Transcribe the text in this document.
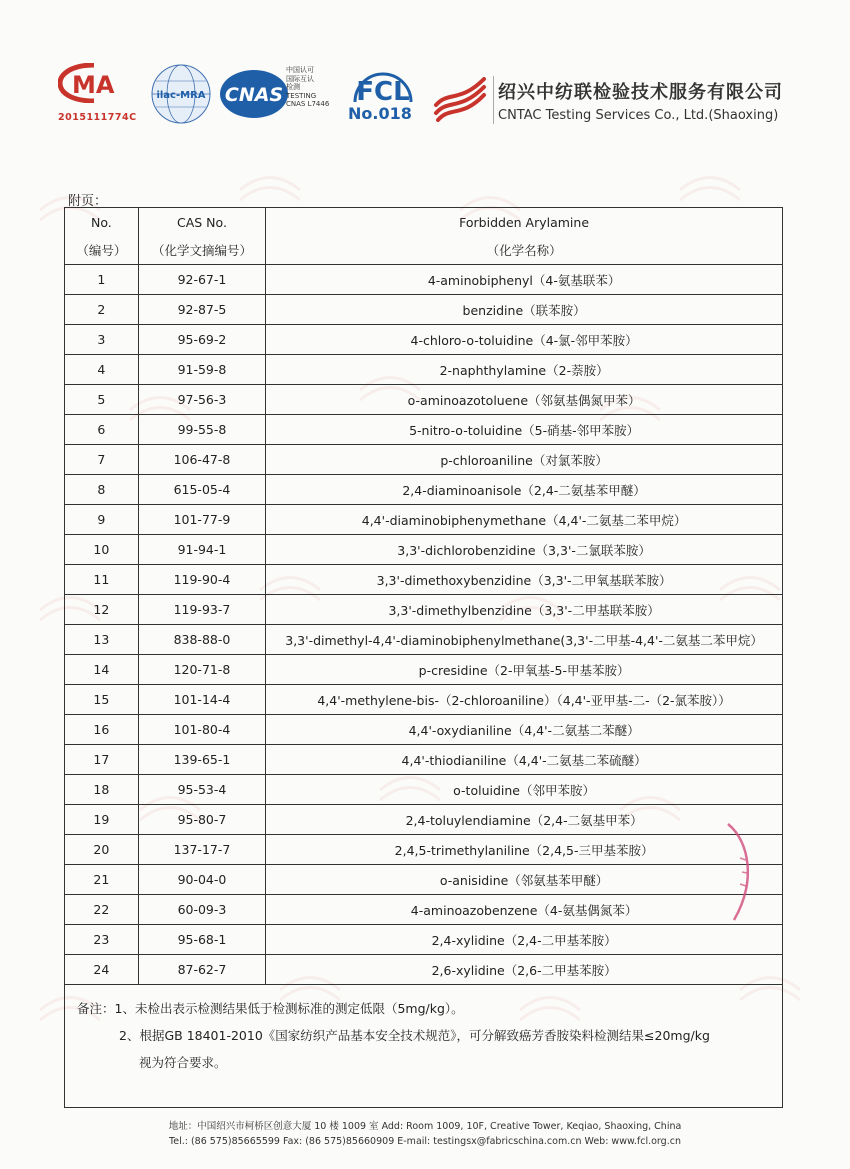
MA
2015111774C
ilac-MRA CNAS
中国认可
国际互认
检测
TESTING
CNAS L7446 FCL
No.018
绍兴中纺联检验技术服务有限公司
CNTAC Testing Services Co., Ltd.(Shaoxing)
附页：
No.	CAS No.	Forbidden Arylamine
（编号）	（化学文摘编号）	（化学名称）
1	92-67-1	4-aminobiphenyl（4-氨基联苯）
2	92-87-5	benzidine（联苯胺）
3	95-69-2	4-chloro-o-toluidine（4-氯-邻甲苯胺）
4	91-59-8	2-naphthylamine（2-萘胺）
5	97-56-3	o-aminoazotoluene（邻氨基偶氮甲苯）
6	99-55-8	5-nitro-o-toluidine（5-硝基-邻甲苯胺）
7	106-47-8	p-chloroaniline（对氯苯胺）
8	615-05-4	2,4-diaminoanisole（2,4-二氨基苯甲醚）
9	101-77-9	4,4'-diaminobiphenymethane（4,4'-二氨基二苯甲烷）
10	91-94-1	3,3'-dichlorobenzidine（3,3'-二氯联苯胺）
11	119-90-4	3,3'-dimethoxybenzidine（3,3'-二甲氧基联苯胺）
12	119-93-7	3,3'-dimethylbenzidine（3,3'-二甲基联苯胺）
13	838-88-0	3,3'-dimethyl-4,4'-diaminobiphenylmethane(3,3'-二甲基-4,4'-二氨基二苯甲烷）
14	120-71-8	p-cresidine（2-甲氧基-5-甲基苯胺）
15	101-14-4	4,4'-methylene-bis-（2-chloroaniline）（4,4'-亚甲基-二-（2-氯苯胺））
16	101-80-4	4,4'-oxydianiline（4,4'-二氨基二苯醚）
17	139-65-1	4,4'-thiodianiline（4,4'-二氨基二苯硫醚）
18	95-53-4	o-toluidine（邻甲苯胺）
19	95-80-7	2,4-toluylendiamine（2,4-二氨基甲苯）
20	137-17-7	2,4,5-trimethylaniline（2,4,5-三甲基苯胺）
21	90-04-0	o-anisidine（邻氨基苯甲醚）
22	60-09-3	4-aminoazobenzene（4-氨基偶氮苯）
23	95-68-1	2,4-xylidine（2,4-二甲基苯胺）
24	87-62-7	2,6-xylidine（2,6-二甲基苯胺）

备注：1、未检出表示检测结果低于检测标准的测定低限（5mg/kg）。
2、根据GB 18401-2010《国家纺织产品基本安全技术规范》，可分解致癌芳香胺染料检测结果≤20mg/kg
视为符合要求。		
地址：中国绍兴市柯桥区创意大厦 10 楼 1009 室 Add: Room 1009, 10F, Creative Tower, Keqiao, Shaoxing, China
Tel.: (86 575)85665599 Fax: (86 575)85660909 E-mail: testingsx@fabricschina.com.cn Web: www.fcl.org.cn
